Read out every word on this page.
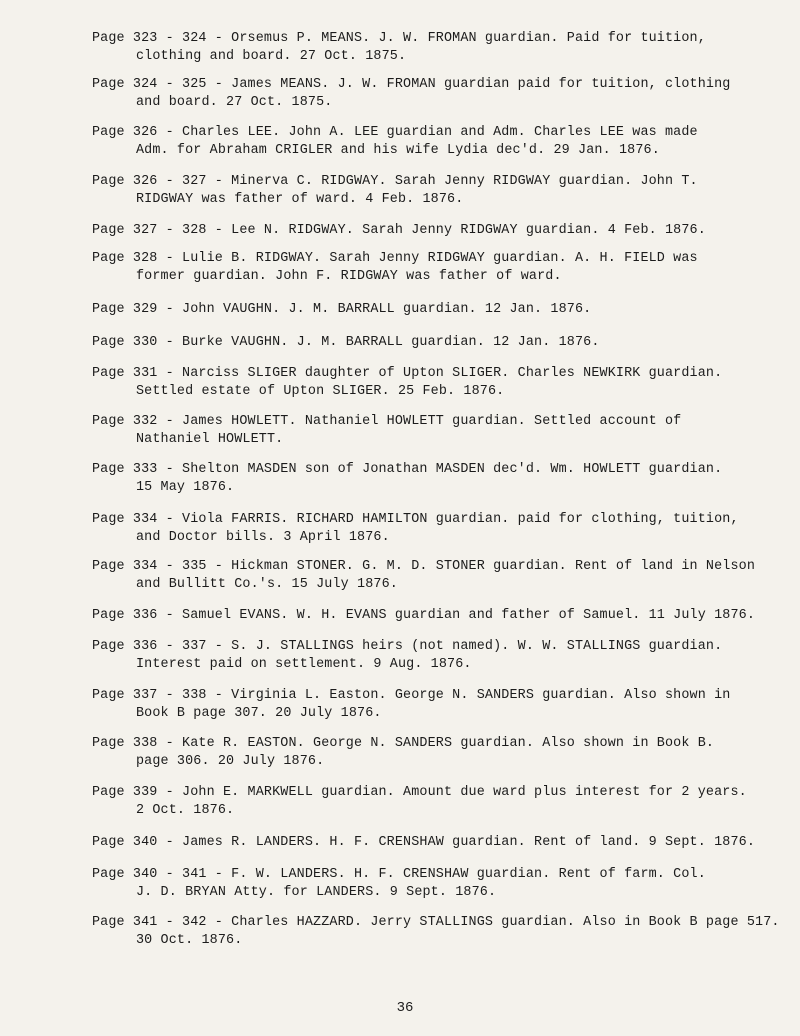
Page 323 - 324 - Orsemus P. MEANS. J. W. FROMAN guardian. Paid for tuition,
clothing and board. 27 Oct. 1875.
Page 324 - 325 - James MEANS. J. W. FROMAN guardian paid for tuition, clothing
and board. 27 Oct. 1875.
Page 326 - Charles LEE. John A. LEE guardian and Adm. Charles LEE was made
Adm. for Abraham CRIGLER and his wife Lydia dec'd. 29 Jan. 1876.
Page 326 - 327 - Minerva C. RIDGWAY. Sarah Jenny RIDGWAY guardian. John T.
RIDGWAY was father of ward. 4 Feb. 1876.
Page 327 - 328 - Lee N. RIDGWAY. Sarah Jenny RIDGWAY guardian. 4 Feb. 1876.
Page 328 - Lulie B. RIDGWAY. Sarah Jenny RIDGWAY guardian. A. H. FIELD was
former guardian. John F. RIDGWAY was father of ward.
Page 329 - John VAUGHN. J. M. BARRALL guardian. 12 Jan. 1876.
Page 330 - Burke VAUGHN. J. M. BARRALL guardian. 12 Jan. 1876.
Page 331 - Narciss SLIGER daughter of Upton SLIGER. Charles NEWKIRK guardian.
Settled estate of Upton SLIGER. 25 Feb. 1876.
Page 332 - James HOWLETT. Nathaniel HOWLETT guardian. Settled account of
Nathaniel HOWLETT.
Page 333 - Shelton MASDEN son of Jonathan MASDEN dec'd. Wm. HOWLETT guardian.
15 May 1876.
Page 334 - Viola FARRIS. RICHARD HAMILTON guardian. paid for clothing, tuition,
and Doctor bills. 3 April 1876.
Page 334 - 335 - Hickman STONER. G. M. D. STONER guardian. Rent of land in Nelson
and Bullitt Co.'s. 15 July 1876.
Page 336 - Samuel EVANS. W. H. EVANS guardian and father of Samuel. 11 July 1876.
Page 336 - 337 - S. J. STALLINGS heirs (not named). W. W. STALLINGS guardian.
Interest paid on settlement. 9 Aug. 1876.
Page 337 - 338 - Virginia L. Easton. George N. SANDERS guardian. Also shown in
Book B page 307. 20 July 1876.
Page 338 - Kate R. EASTON. George N. SANDERS guardian. Also shown in Book B.
page 306. 20 July 1876.
Page 339 - John E. MARKWELL guardian. Amount due ward plus interest for 2 years.
2 Oct. 1876.
Page 340 - James R. LANDERS. H. F. CRENSHAW guardian. Rent of land. 9 Sept. 1876.
Page 340 - 341 - F. W. LANDERS. H. F. CRENSHAW guardian. Rent of farm. Col.
J. D. BRYAN Atty. for LANDERS. 9 Sept. 1876.
Page 341 - 342 - Charles HAZZARD. Jerry STALLINGS guardian. Also in Book B page 517.
30 Oct. 1876.
36
